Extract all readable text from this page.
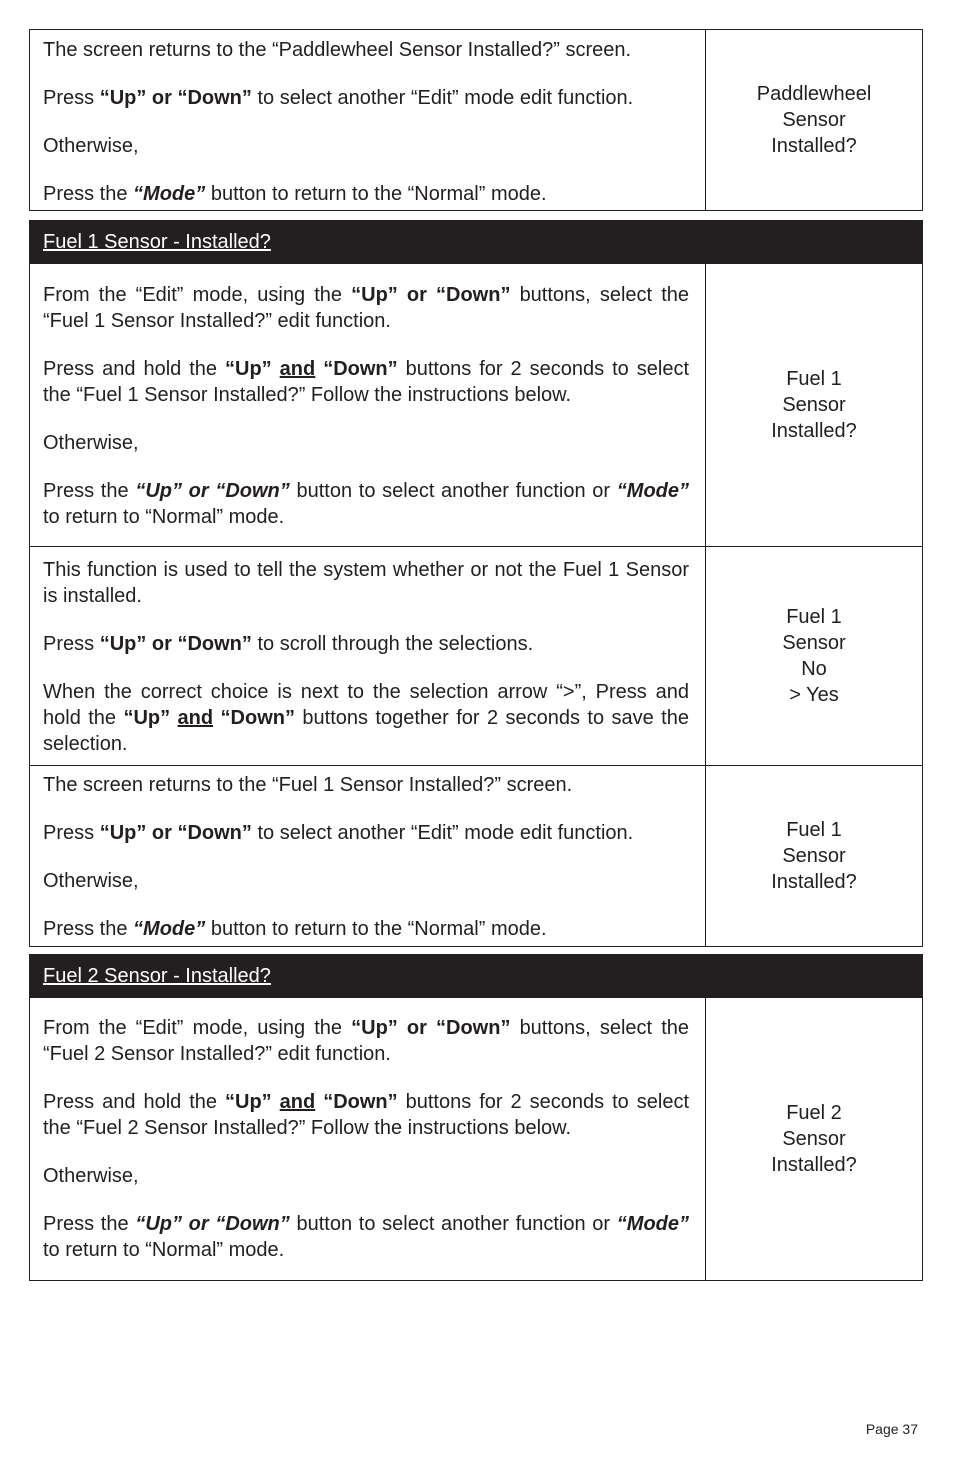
The screen returns to the “Paddlewheel Sensor Installed?” screen.

Press “Up” or “Down” to select another “Edit” mode edit function.

Otherwise,

Press the “Mode” button to return to the “Normal” mode.

Paddlewheel
Sensor
Installed?
Fuel 1 Sensor - Installed?

From the “Edit” mode, using the “Up” or “Down” buttons, select the “Fuel 1 Sensor Installed?” edit function.

Press and hold the “Up” and “Down” buttons for 2 seconds to select the “Fuel 1 Sensor Installed?” Follow the instructions below.

Otherwise,

Press the “Up” or “Down” button to select another function or “Mode” to return to “Normal” mode.

Fuel 1
Sensor
Installed?

This function is used to tell the system whether or not the Fuel 1 Sensor is installed.

Press “Up” or “Down” to scroll through the selections.

When the correct choice is next to the selection arrow “>”, Press and hold the “Up” and “Down” buttons together for 2 seconds to save the selection.

Fuel 1
Sensor
No
> Yes

The screen returns to the “Fuel 1 Sensor Installed?” screen.

Press “Up” or “Down” to select another “Edit” mode edit function.

Otherwise,

Press the “Mode” button to return to the “Normal” mode.

Fuel 1
Sensor
Installed?
Fuel 2 Sensor - Installed?

From the “Edit” mode, using the “Up” or “Down” buttons, select the “Fuel 2 Sensor Installed?” edit function.

Press and hold the “Up” and “Down” buttons for 2 seconds to select the “Fuel 2 Sensor Installed?” Follow the instructions below.

Otherwise,

Press the “Up” or “Down” button to select another function or “Mode” to return to “Normal” mode.

Fuel 2
Sensor
Installed?
Page 37
